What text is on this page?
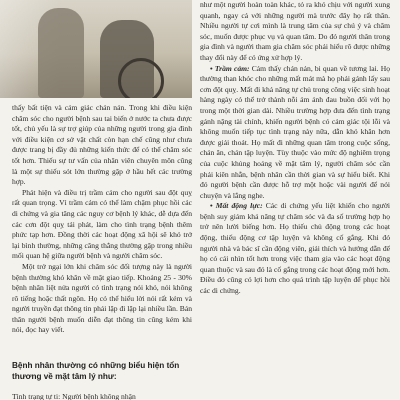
thấy bất tiện và cảm giác chán nản. Trong khi điều kiện chăm sóc cho người bệnh sau tai biến ở nước ta chưa được tốt, chủ yếu là sự trợ giúp của những người trong gia đình với điều kiện cơ sở vật chất còn hạn chế cũng như chưa được trang bị đầy đủ những kiến thức để có thể chăm sóc tốt hơn. Thiếu sự tư vấn của nhân viên chuyên môn cũng là một sự thiếu sót lớn thường gặp ở hầu hết các trường hợp.

Phát hiện và điều trị trầm cảm cho người sau đột quỵ rất quan trọng. Vì trầm cảm có thể làm chậm phục hồi các di chứng và gia tăng các nguy cơ bệnh lý khác, dễ dựa đến các cơn đột quỵ tái phát, làm cho tình trạng bệnh thêm phức tạp hơn. Đồng thời các hoạt động xã hội sẽ khó trở lại bình thường, những căng thẳng thường gặp trong nhiều mối quan hệ giữa người bệnh và người chăm sóc.

Một trở ngại lớn khi chăm sóc đối tượng này là người bệnh thường khó khăn về mặt giao tiếp. Khoảng 25 - 30% bệnh nhân liệt nửa người có tình trạng nói khó, nói không rõ tiếng hoặc thất ngôn. Họ có thể hiểu lời nói rất kém và người truyền đạt thông tin phải lặp đi lặp lại nhiều lần. Bản thân người bệnh muốn diễn đạt thông tin cũng kém khi nói, đọc hay viết.

Bệnh nhân thường có những biểu hiện tổn thương về mặt tâm lý như:
Tình trạng tự ti: Người bệnh không nhận

như một người hoàn toàn khác, tỏ ra khó chịu với người xung quanh, ngay cả với những người mà trước đây họ rất thân. Nhiều người tự cơi mình là trung tâm của sự chú ý và chăm sóc, muốn được phục vụ và quan tâm. Do đó người thân trong gia đình và người tham gia chăm sóc phải hiểu rõ được những thay đổi này để có ứng xử hợp lý.

• Trầm cảm: Cảm thấy chán nản, bi quan về tương lai. Họ thường than khóc cho những mất mát mà họ phải gánh lấy sau cơn đột quỵ. Mất đi khả năng tự chủ trong công việc sinh hoạt hàng ngày có thể trở thành nỗi ám ảnh đau buồn đối với họ trong một thời gian dài. Nhiều trường hợp đưa đến tình trạng gánh nặng tài chính, khiến người bệnh có cảm giác tội lỗi và không muốn tiếp tục tình trạng này nữa, dẫn khó khăn hơn được giải thoát. Họ mất đi những quan tâm trong cuộc sống, chán ăn, chán tập luyện. Tùy thuộc vào mức độ nghiêm trọng của cuộc khủng hoảng về mặt tâm lý, người chăm sóc cần phải kiên nhẫn, bệnh nhân cần thời gian và sự hiểu biết. Khi đó người bệnh cần được hỗ trợ một hoặc vài người để nói chuyện và lắng nghe.

• Mất động lực: Các di chứng yếu liệt khiến cho người bệnh suy giảm khả năng tự chăm sóc và đa số trường hợp họ trở nên lười biếng hơn. Họ thiếu chủ động trong các hoạt động, thiếu động cơ tập luyện và không cố gắng. Khi đó người nhà và bác sĩ cần động viên, giải thích và hướng dẫn để họ có cái nhìn tốt hơn trong việc tham gia vào các hoạt động quan thuộc và sau đó là cố gắng trong các hoạt động mới hơn. Điều đó cũng có lợi hơn cho quá trình tập luyện để phục hồi các di chứng.
